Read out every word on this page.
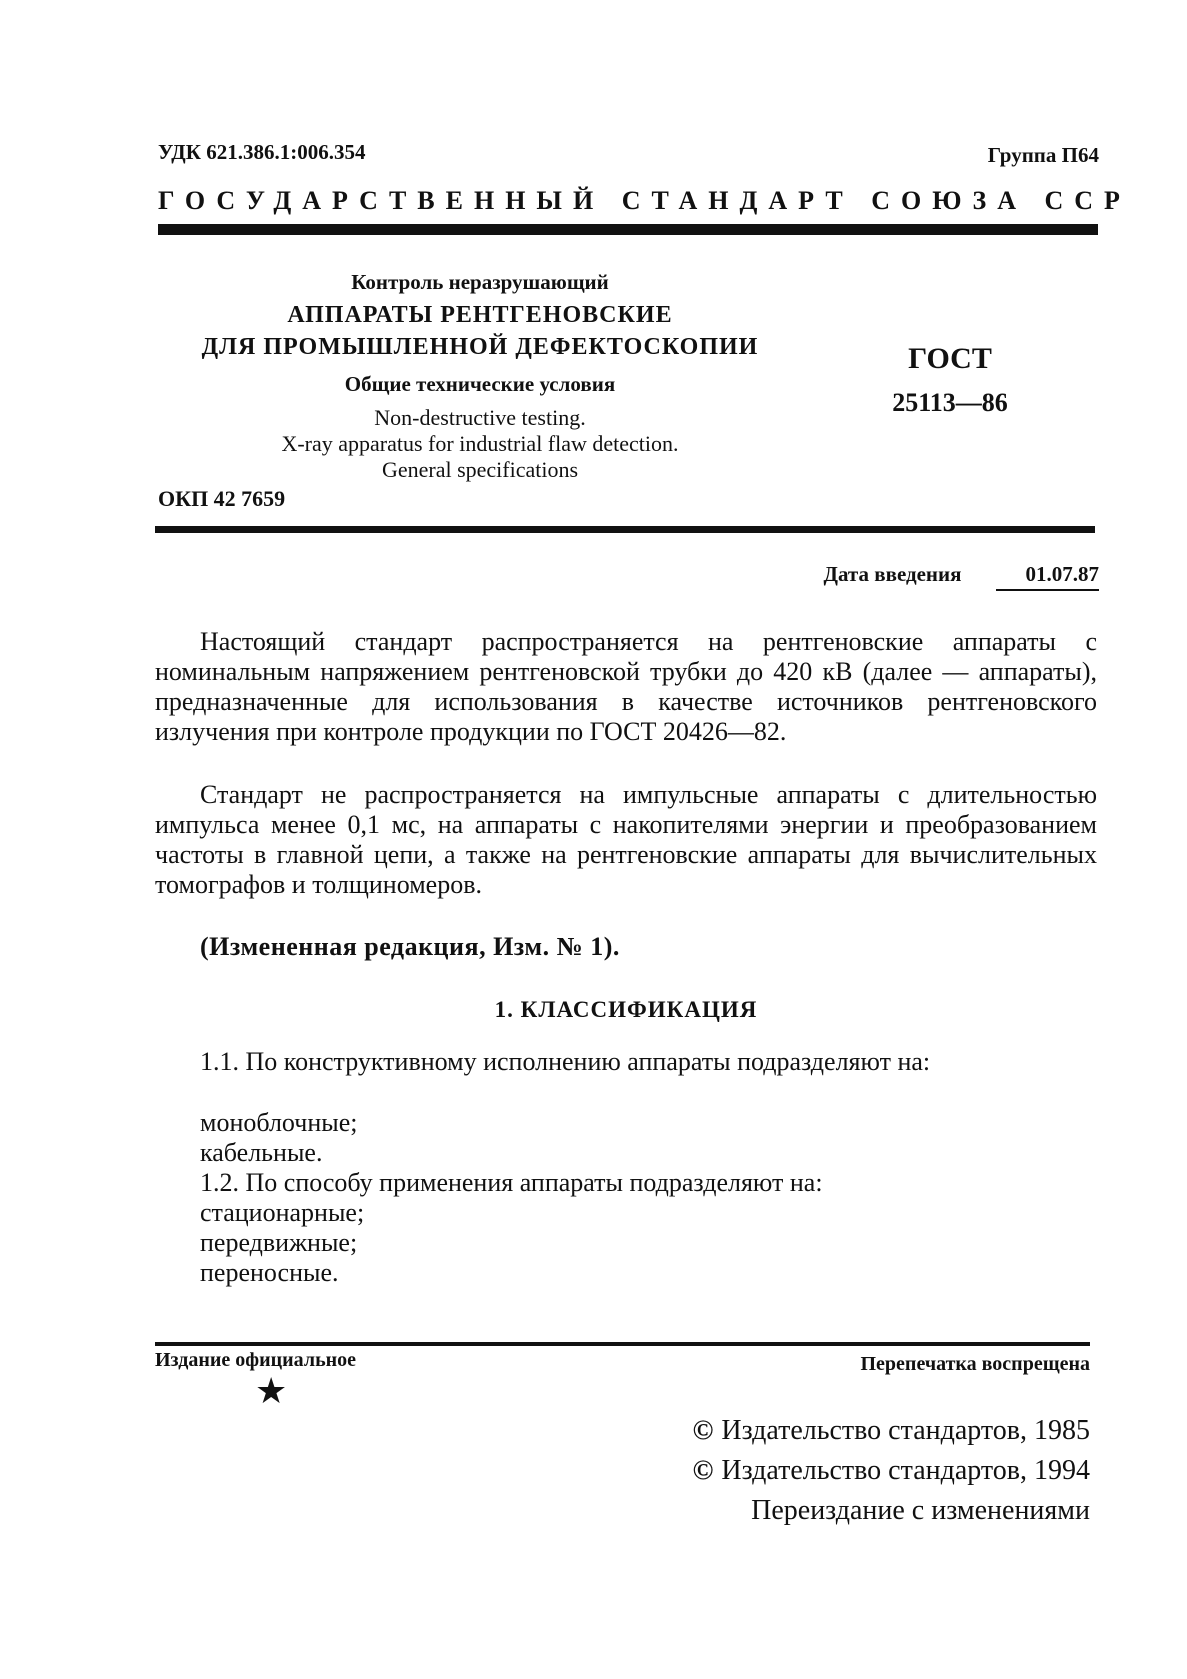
УДК 621.386.1:006.354	Группа П64
ГОСУДАРСТВЕННЫЙ СТАНДАРТ СОЮЗА ССР
Контроль неразрушающий
АППАРАТЫ РЕНТГЕНОВСКИЕ
ДЛЯ ПРОМЫШЛЕННОЙ ДЕФЕКТОСКОПИИ
Общие технические условия
Non-destructive testing.
X-ray apparatus for industrial flaw detection.
General specifications
ГОСТ
25113—86
ОКП 42 7659
Дата введения	01.07.87
Настоящий стандарт распространяется на рентгеновские аппараты с номинальным напряжением рентгеновской трубки до 420 кВ (далее — аппараты), предназначенные для использования в качестве источников рентгеновского излучения при контроле продукции по ГОСТ 20426—82.
Стандарт не распространяется на импульсные аппараты с длительностью импульса менее 0,1 мс, на аппараты с накопителями энергии и преобразованием частоты в главной цепи, а также на рентгеновские аппараты для вычислительных томографов и толщиномеров.
(Измененная редакция, Изм. № 1).
1. КЛАССИФИКАЦИЯ
1.1. По конструктивному исполнению аппараты подразделяют на:
моноблочные;
кабельные.
1.2. По способу применения аппараты подразделяют на:
стационарные;
передвижные;
переносные.
Издание официальное	Перепечатка воспрещена
★
© Издательство стандартов, 1985
© Издательство стандартов, 1994
Переиздание с изменениями
